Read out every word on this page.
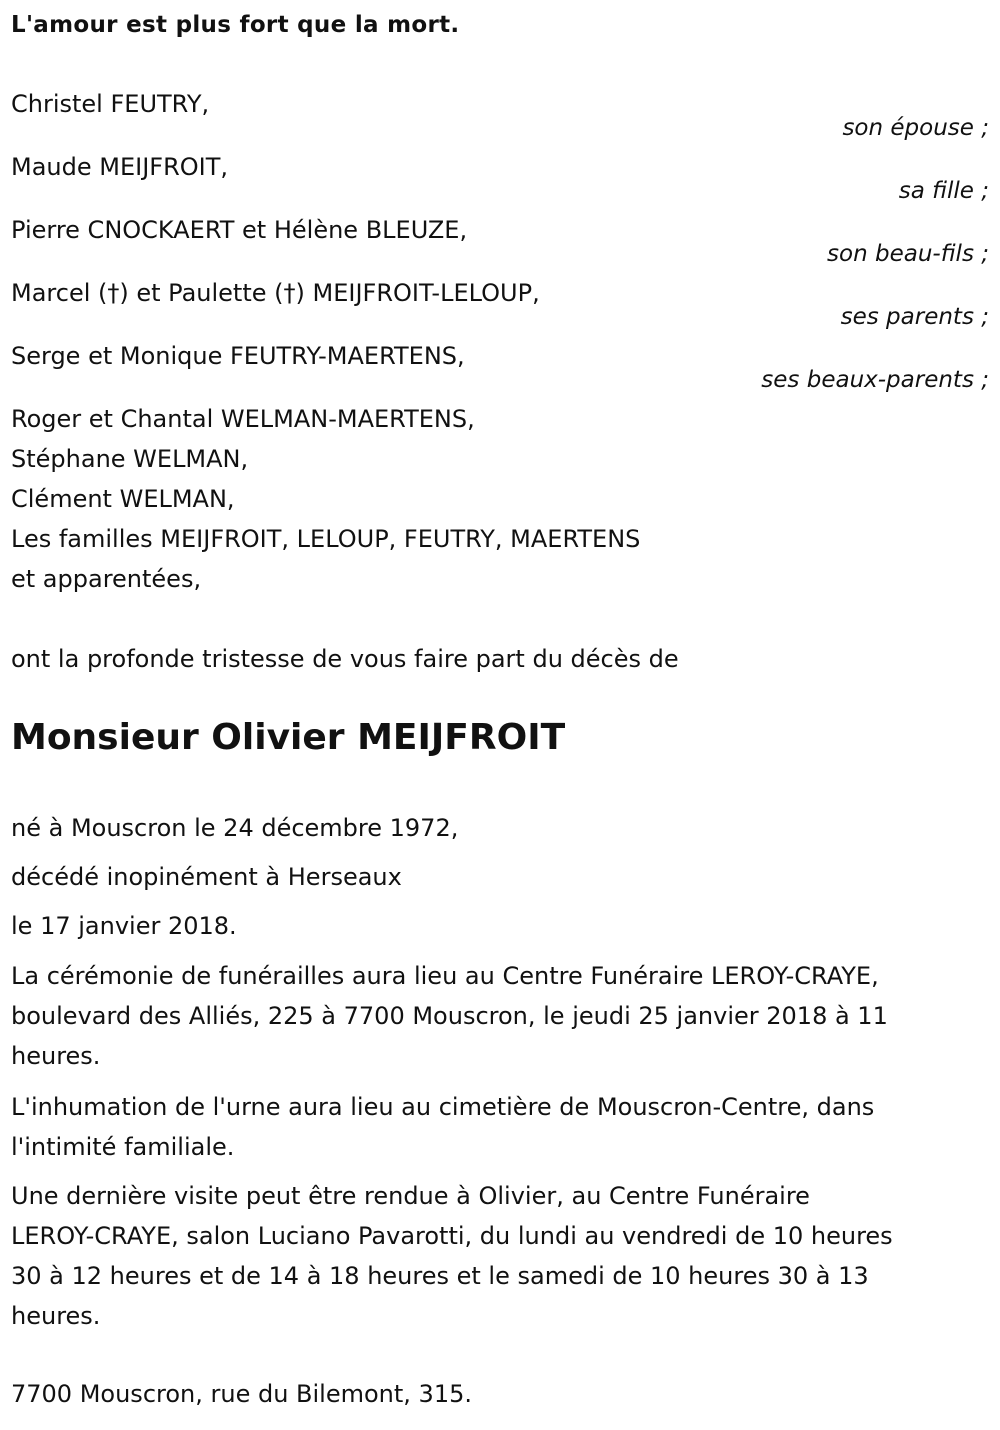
L'amour est plus fort que la mort.
Christel FEUTRY,
son épouse ;
Maude MEIJFROIT,
sa fille ;
Pierre CNOCKAERT et Hélène BLEUZE,
son beau-fils ;
Marcel (†) et Paulette (†) MEIJFROIT-LELOUP,
ses parents ;
Serge et Monique FEUTRY-MAERTENS,
ses beaux-parents ;
Roger et Chantal WELMAN-MAERTENS,
Stéphane WELMAN,
Clément WELMAN,
Les familles MEIJFROIT, LELOUP, FEUTRY, MAERTENS
et apparentées,
ont la profonde tristesse de vous faire part du décès de
Monsieur Olivier MEIJFROIT
né à Mouscron le 24 décembre 1972,
décédé inopinément à Herseaux
le 17 janvier 2018.
La cérémonie de funérailles aura lieu au Centre Funéraire LEROY-CRAYE,
boulevard des Alliés, 225 à 7700 Mouscron, le jeudi 25 janvier 2018 à 11
heures.
L'inhumation de l'urne aura lieu au cimetière de Mouscron-Centre, dans
l'intimité familiale.
Une dernière visite peut être rendue à Olivier, au Centre Funéraire
LEROY-CRAYE, salon Luciano Pavarotti, du lundi au vendredi de 10 heures
30 à 12 heures et de 14 à 18 heures et le samedi de 10 heures 30 à 13
heures.
7700 Mouscron, rue du Bilemont, 315.
